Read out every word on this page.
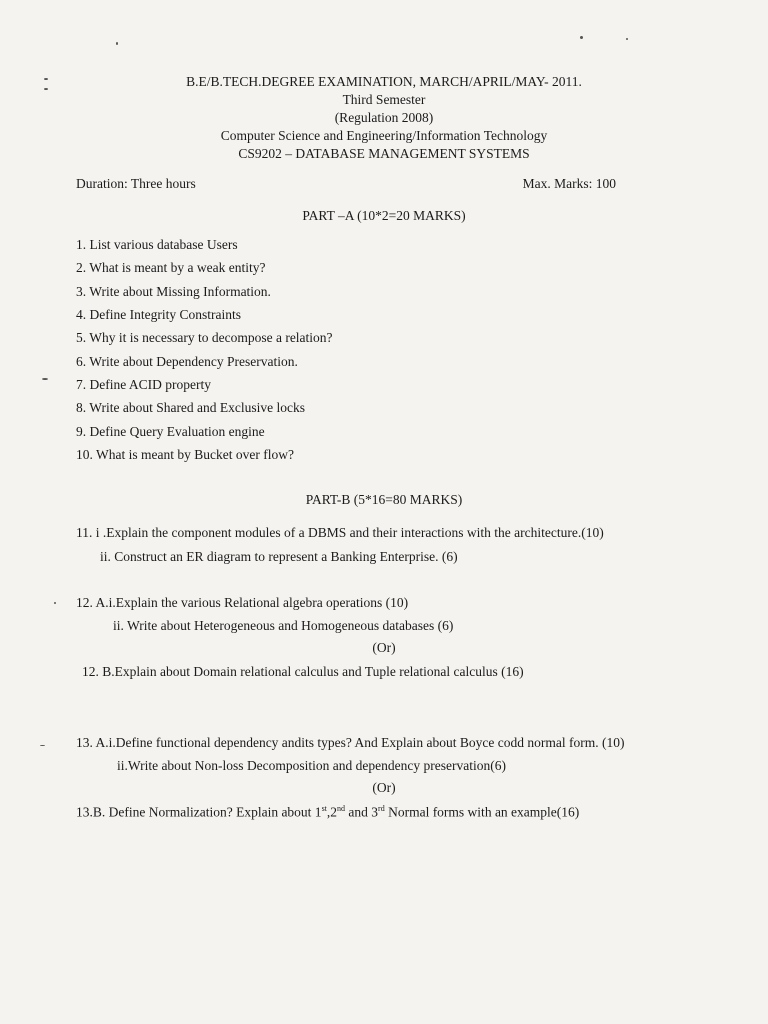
B.E/B.TECH.DEGREE EXAMINATION, MARCH/APRIL/MAY- 2011.
Third Semester
(Regulation 2008)
Computer Science and Engineering/Information Technology
CS9202 – DATABASE MANAGEMENT SYSTEMS
Duration: Three hours	Max. Marks: 100
PART –A (10*2=20 MARKS)
1. List various database Users
2. What is meant by a weak entity?
3. Write about Missing Information.
4. Define Integrity Constraints
5. Why it is necessary to decompose a relation?
6. Write about Dependency Preservation.
7. Define ACID property
8. Write about Shared and Exclusive locks
9. Define Query Evaluation engine
10. What is meant by Bucket over flow?
PART-B (5*16=80 MARKS)
11. i .Explain the component modules of a DBMS and their interactions with the architecture.(10)
ii. Construct an ER diagram to represent a Banking Enterprise. (6)
12. A.i.Explain the various Relational algebra operations (10)
ii. Write about Heterogeneous and Homogeneous databases (6)
(Or)
12. B.Explain about Domain relational calculus and Tuple relational calculus (16)
13. A.i.Define functional dependency andits types? And Explain about Boyce codd normal form. (10)
ii.Write about Non-loss Decomposition and dependency preservation(6)
(Or)
13.B. Define Normalization? Explain about 1st,2nd and 3rd Normal forms with an example(16)
